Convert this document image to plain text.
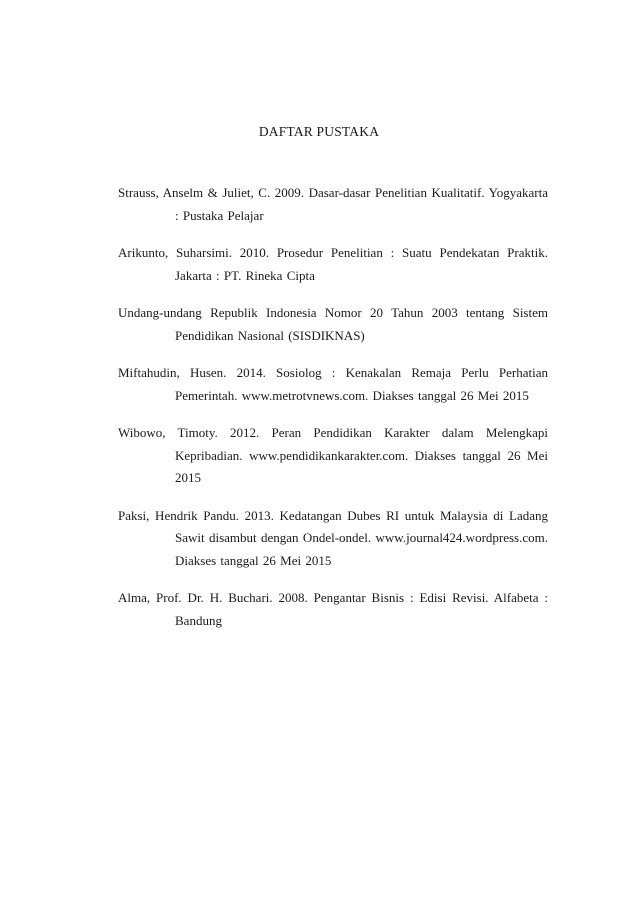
DAFTAR PUSTAKA

Strauss, Anselm & Juliet, C. 2009. Dasar-dasar Penelitian Kualitatif. Yogyakarta : Pustaka Pelajar

Arikunto, Suharsimi. 2010. Prosedur Penelitian : Suatu Pendekatan Praktik. Jakarta : PT. Rineka Cipta

Undang-undang Republik Indonesia Nomor 20 Tahun 2003 tentang Sistem Pendidikan Nasional (SISDIKNAS)

Miftahudin, Husen. 2014. Sosiolog : Kenakalan Remaja Perlu Perhatian Pemerintah. www.metrotvnews.com. Diakses tanggal 26 Mei 2015

Wibowo, Timoty. 2012. Peran Pendidikan Karakter dalam Melengkapi Kepribadian. www.pendidikankarakter.com. Diakses tanggal 26 Mei 2015

Paksi, Hendrik Pandu. 2013. Kedatangan Dubes RI untuk Malaysia di Ladang Sawit disambut dengan Ondel-ondel. www.journal424.wordpress.com. Diakses tanggal 26 Mei 2015

Alma, Prof. Dr. H. Buchari. 2008. Pengantar Bisnis : Edisi Revisi. Alfabeta : Bandung
